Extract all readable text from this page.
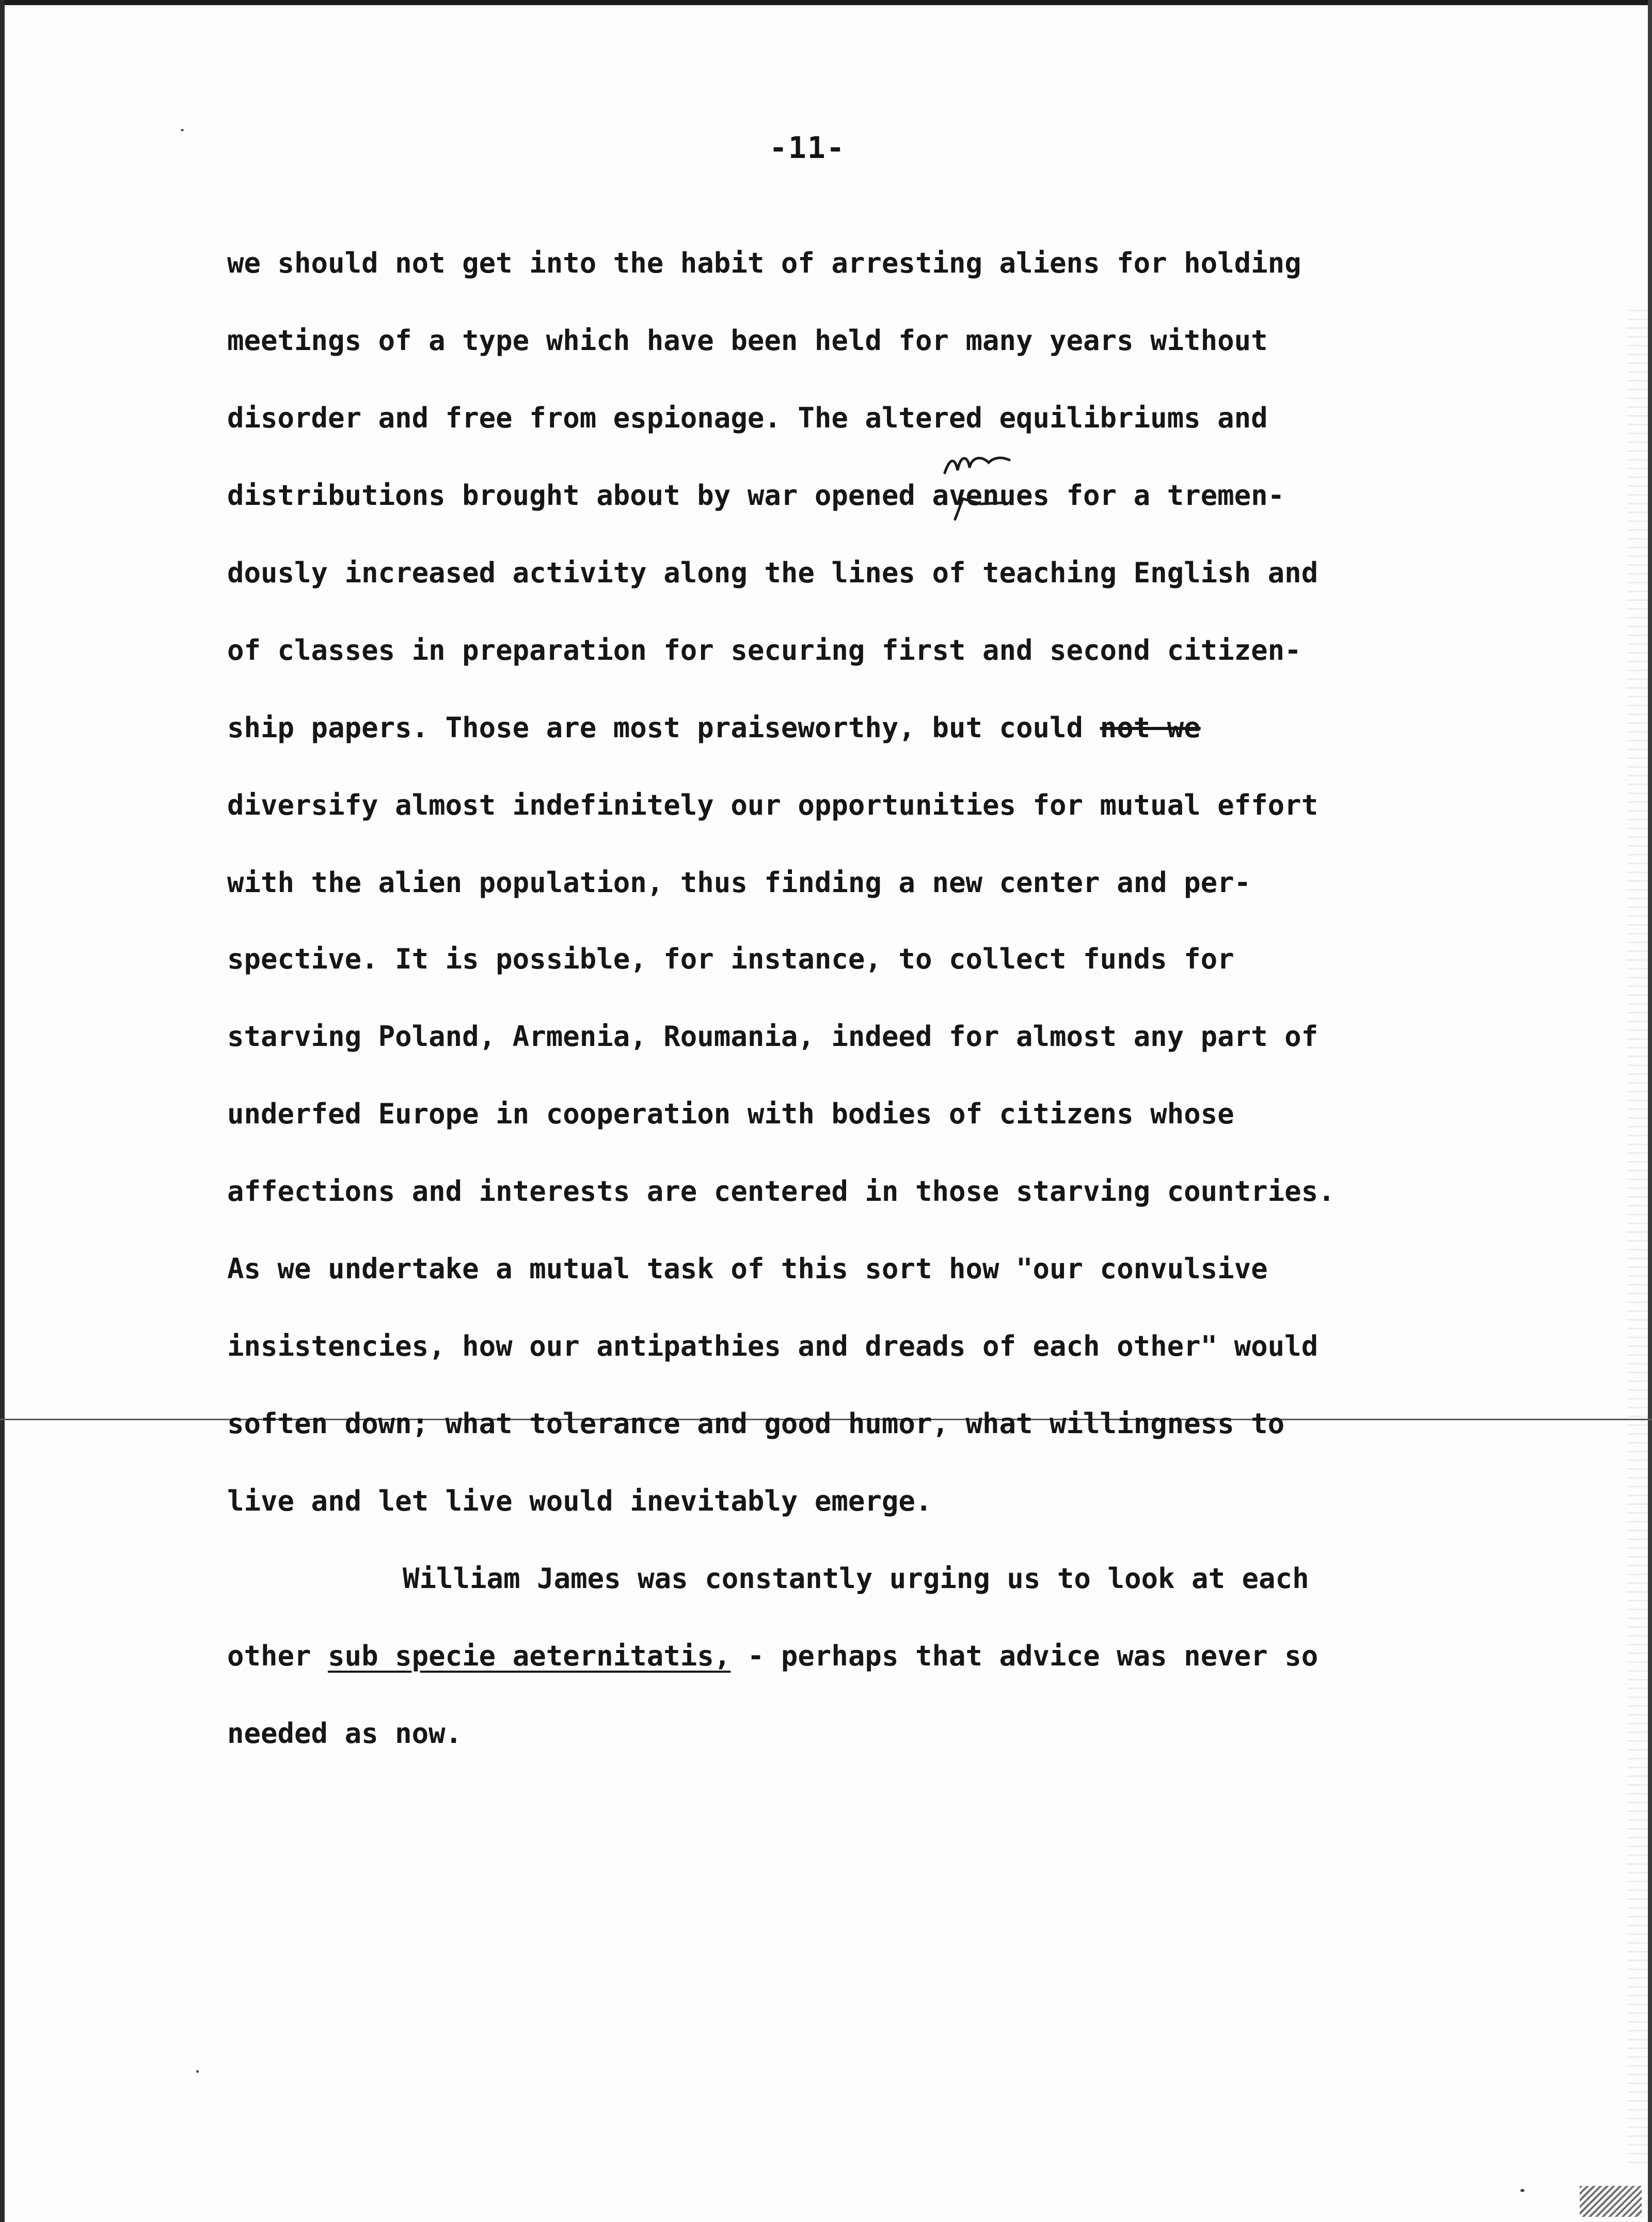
-11-
we should not get into the habit of arresting aliens for holding
meetings of a type which have been held for many years without
disorder and free from espionage. The altered equilibriums and
distributions brought about by war opened avenues for a tremen-
dously increased activity along the lines of teaching English and
of classes in preparation for securing first and second citizen-
ship papers. Those are most praiseworthy, but could not we
diversify almost indefinitely our opportunities for mutual effort
with the alien population, thus finding a new center and per-
spective. It is possible, for instance, to collect funds for
starving Poland, Armenia, Roumania, indeed for almost any part of
underfed Europe in cooperation with bodies of citizens whose
affections and interests are centered in those starving countries.
As we undertake a mutual task of this sort how "our convulsive
insistencies, how our antipathies and dreads of each other" would
soften down; what tolerance and good humor, what willingness to
live and let live would inevitably emerge.
William James was constantly urging us to look at each
other sub specie aeternitatis, - perhaps that advice was never so
needed as now.
